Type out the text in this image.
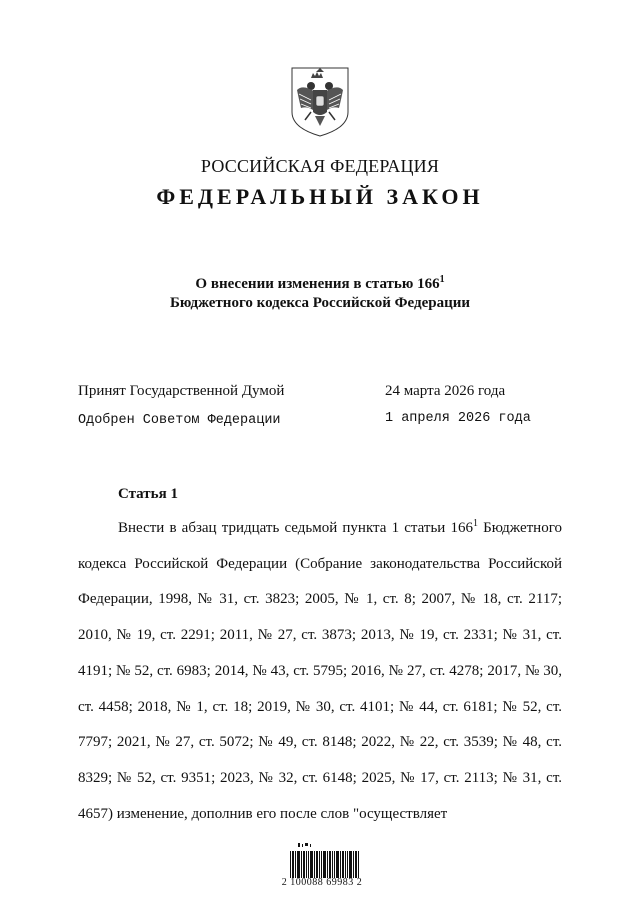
РОССИЙСКАЯ ФЕДЕРАЦИЯ
ФЕДЕРАЛЬНЫЙ ЗАКОН
О внесении изменения в статью $166^1$
Бюджетного кодекса Российской Федерации
Принят Государственной Думой	24 марта 2026 года
Одобрен Советом Федерации	1 апреля 2026 года
Статья 1

Внести в абзац тридцать седьмой пункта 1 статьи $166^1$ Бюджетного кодекса Российской Федерации (Собрание законодательства Российской Федерации, 1998, № 31, ст. 3823; 2005, № 1, ст. 8; 2007, № 18, ст. 2117; 2010, № 19, ст. 2291; 2011, № 27, ст. 3873; 2013, № 19, ст. 2331; № 31, ст. 4191; № 52, ст. 6983; 2014, № 43, ст. 5795; 2016, № 27, ст. 4278; 2017, № 30, ст. 4458; 2018, № 1, ст. 18; 2019, № 30, ст. 4101; № 44, ст. 6181; № 52, ст. 7797; 2021, № 27, ст. 5072; № 49, ст. 8148; 2022, № 22, ст. 3539; № 48, ст. 8329; № 52, ст. 9351; 2023, № 32, ст. 6148; 2025, № 17, ст. 2113; № 31, ст. 4657) изменение, дополнив его после слов "осуществляет

2 100088 69983 2
